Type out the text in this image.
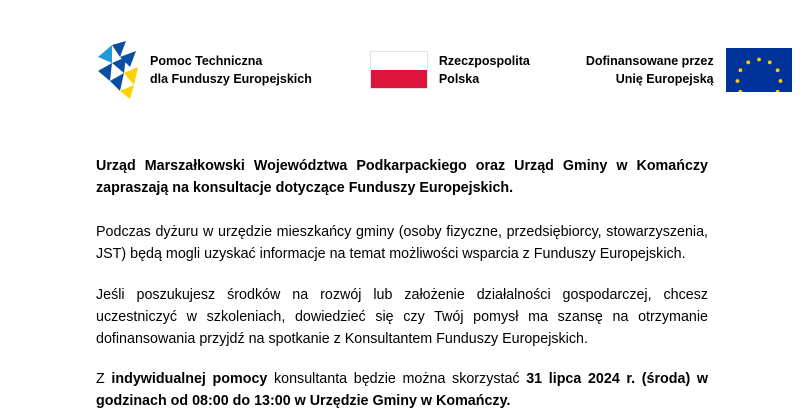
Pomoc Techniczna
dla Funduszy Europejskich
Rzeczpospolita
Polska
Dofinansowane przez
Unię Europejską

Urząd Marszałkowski Województwa Podkarpackiego oraz Urząd Gminy w Komańczy zapraszają na konsultacje dotyczące Funduszy Europejskich.

Podczas dyżuru w urzędzie mieszkańcy gminy (osoby fizyczne, przedsiębiorcy, stowarzyszenia, JST) będą mogli uzyskać informacje na temat możliwości wsparcia z Funduszy Europejskich.

Jeśli poszukujesz środków na rozwój lub założenie działalności gospodarczej, chcesz uczestniczyć w szkoleniach, dowiedzieć się czy Twój pomysł ma szansę na otrzymanie dofinansowania przyjdź na spotkanie z Konsultantem Funduszy Europejskich.

Z indywidualnej pomocy konsultanta będzie można skorzystać 31 lipca 2024 r. (środa) w godzinach od 08:00 do 13:00 w Urzędzie Gminy w Komańczy.
